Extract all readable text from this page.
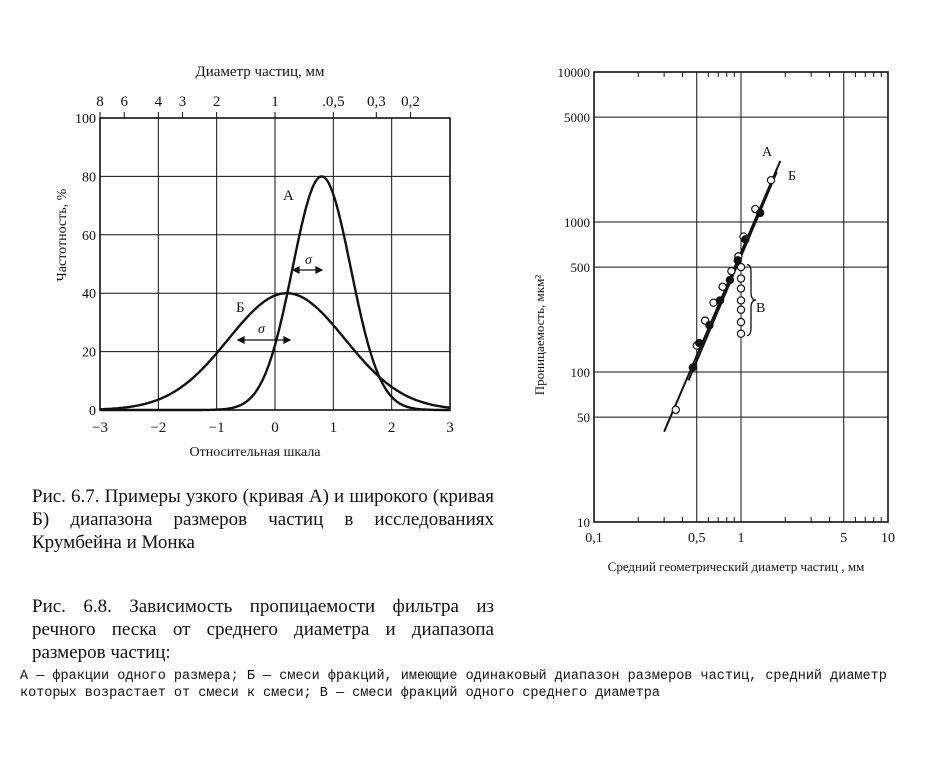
Диаметр частиц, мм
8 6 4 3 2	1	.0,5 0,3 0,2
−3	−2	−1	0	1	2	3
0
20
40
60
80
100
σ
σ
А
Б
Относительная шкала
Частотность, %
Рис. 6.7. Примеры узкого (кривая А) и широкого (кривая Б) диапазона размеров частиц в исследованиях Крумбейна и Монка
Рис. 6.8. Зависимость пропицаемости фильтра из речного песка от среднего диаметра и диапазопа размеров частиц:
А — фракции одного размера; Б — смеси фракций, имеющие одинаковый диапазон размеров частиц, средний диаметр которых возрастает от смеси к смеси; В — смеси фракций одного среднего диаметра
0,1	0,5 1	5 10
10
50
100
500
1000
5000
10000
А
Б
В
Проницаемость, мкм²
Средний геометрический диаметр частиц , мм
